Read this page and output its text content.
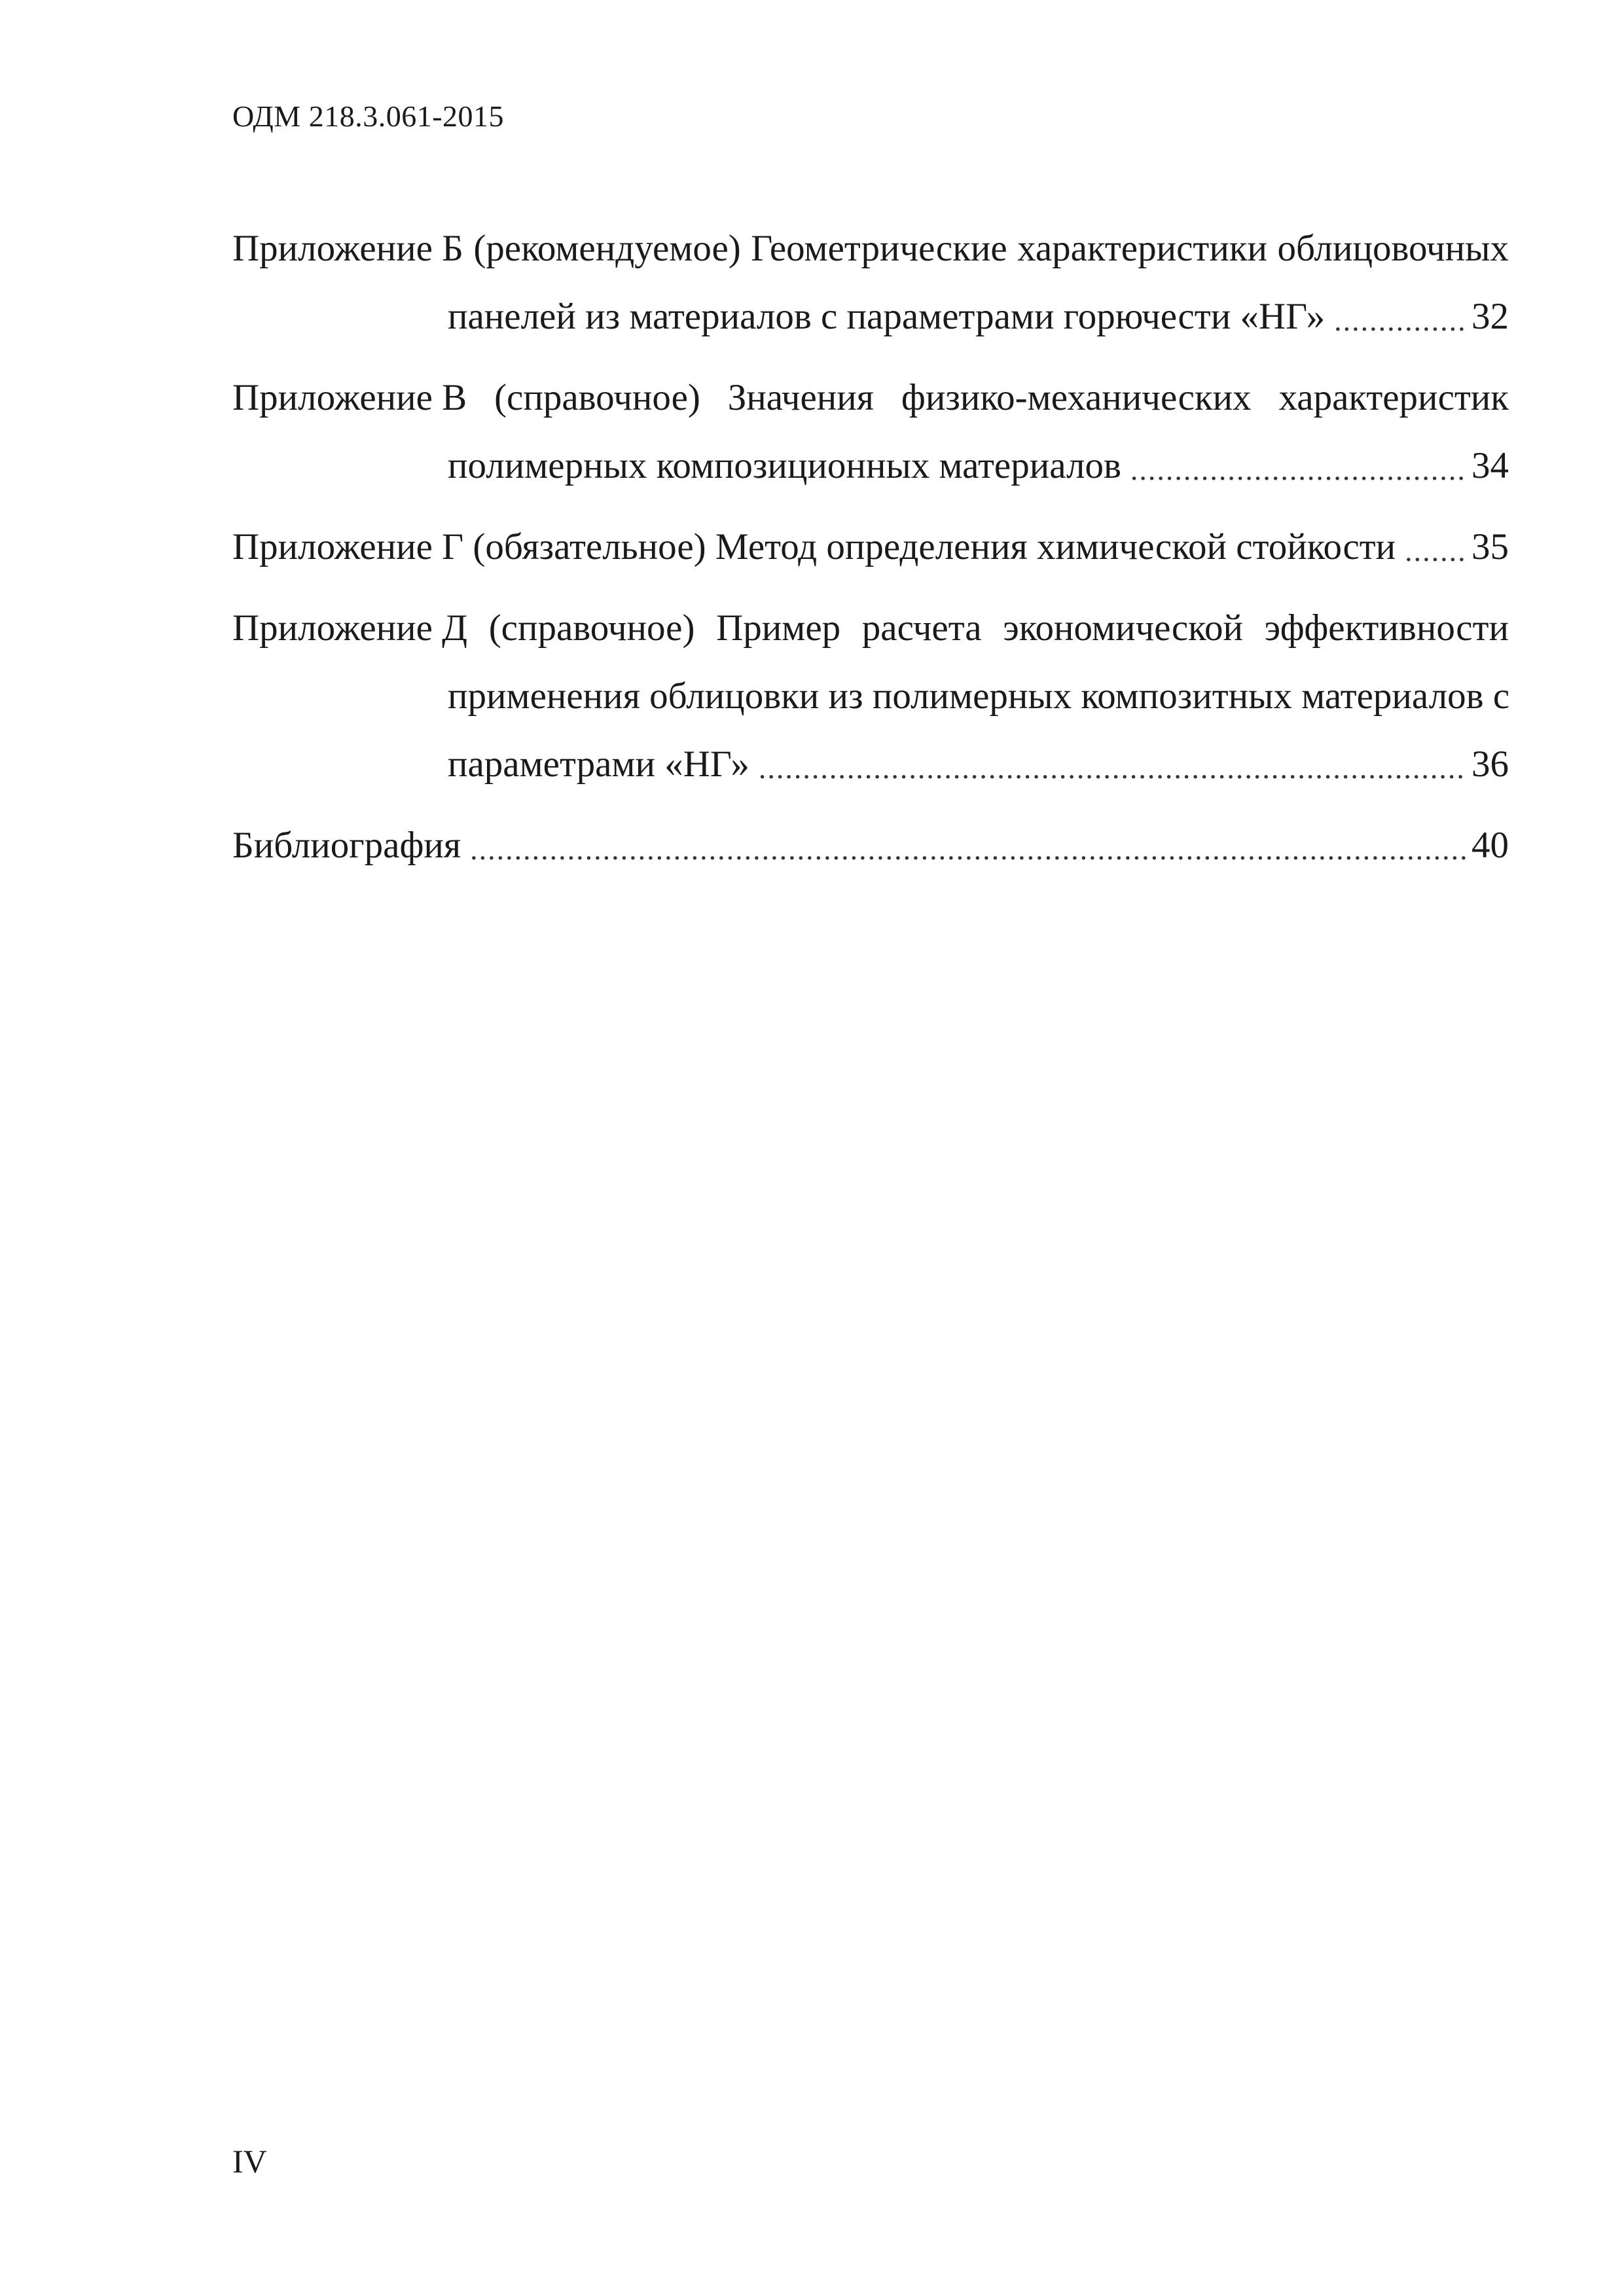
ОДМ 218.3.061-2015
Приложение Б (рекомендуемое) Геометрические характеристики облицовочных
панелей из материалов с параметрами горючести «НГ» .....	32
Приложение В (справочное) Значения физико-механических характеристик
полимерных композиционных материалов .....	34
Приложение Г (обязательное) Метод определения химической стойкости ..... 35
Приложение Д (справочное) Пример расчета экономической эффективности
применения облицовки из полимерных композитных материалов с
параметрами «НГ» .....	36
Библиография .....	40
IV
